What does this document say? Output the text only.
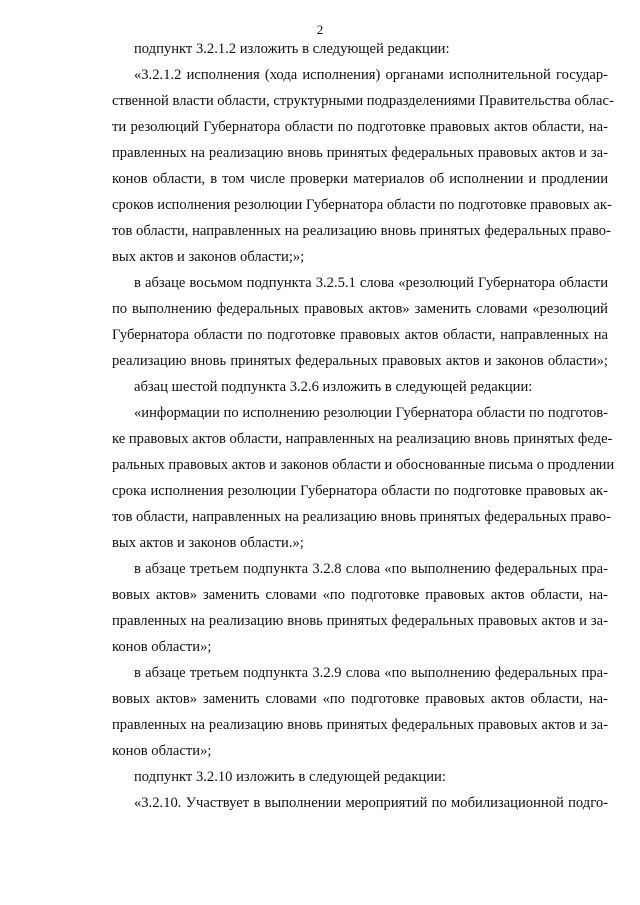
2
подпункт 3.2.1.2 изложить в следующей редакции:
«3.2.1.2 исполнения (хода исполнения) органами исполнительной государ-
ственной власти области, структурными подразделениями Правительства облас-
ти резолюций Губернатора области по подготовке правовых актов области, на-
правленных на реализацию вновь принятых федеральных правовых актов и за-
конов области, в том числе проверки материалов об исполнении и продлении
сроков исполнения резолюции Губернатора области по подготовке правовых ак-
тов области, направленных на реализацию вновь принятых федеральных право-
вых актов и законов области;»;
в абзаце восьмом подпункта 3.2.5.1 слова «резолюций Губернатора области
по выполнению федеральных правовых актов» заменить словами «резолюций
Губернатора области по подготовке правовых актов области, направленных на
реализацию вновь принятых федеральных правовых актов и законов области»;
абзац шестой подпункта 3.2.6 изложить в следующей редакции:
«информации по исполнению резолюции Губернатора области по подготов-
ке правовых актов области, направленных на реализацию вновь принятых феде-
ральных правовых актов и законов области и обоснованные письма о продлении
срока исполнения резолюции Губернатора области по подготовке правовых ак-
тов области, направленных на реализацию вновь принятых федеральных право-
вых актов и законов области.»;
в абзаце третьем подпункта 3.2.8 слова «по выполнению федеральных пра-
вовых актов» заменить словами «по подготовке правовых актов области, на-
правленных на реализацию вновь принятых федеральных правовых актов и за-
конов области»;
в абзаце третьем подпункта 3.2.9 слова «по выполнению федеральных пра-
вовых актов» заменить словами «по подготовке правовых актов области, на-
правленных на реализацию вновь принятых федеральных правовых актов и за-
конов области»;
подпункт 3.2.10 изложить в следующей редакции:
«3.2.10. Участвует в выполнении мероприятий по мобилизационной подго-
